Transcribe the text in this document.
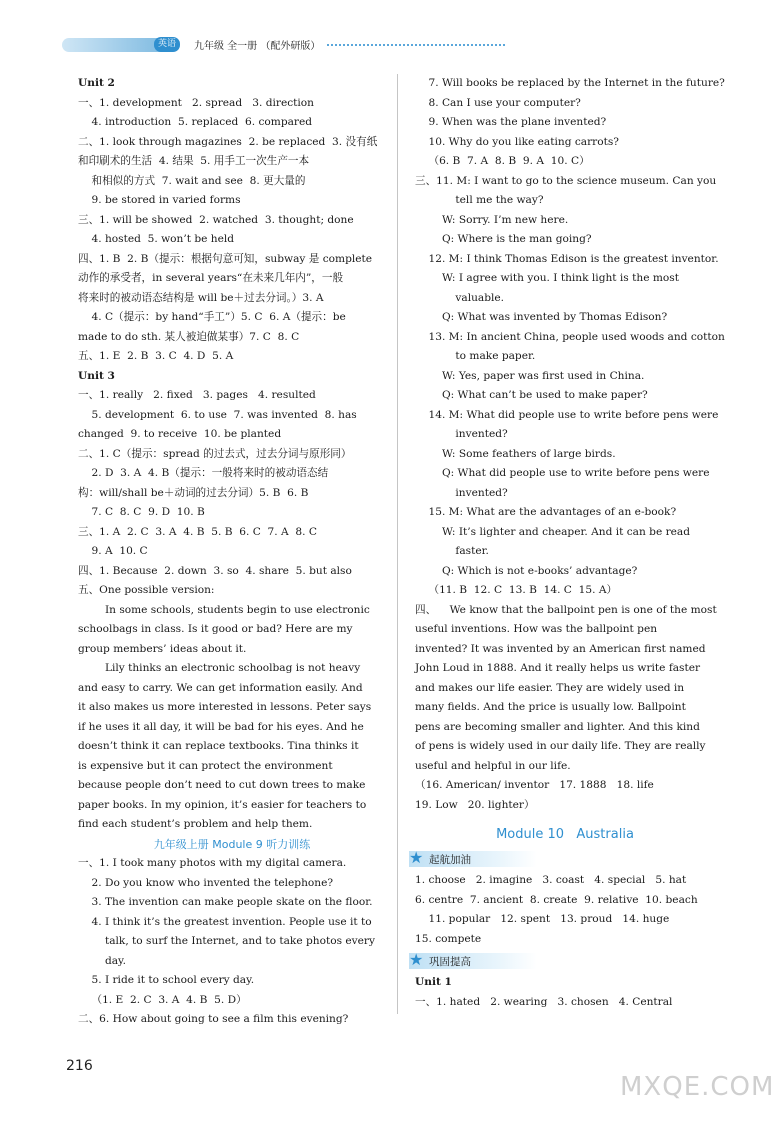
英语	九年级 全一册 （配外研版）
Unit 2
一、1. development   2. spread   3. direction
4. introduction  5. replaced  6. compared
二、1. look through magazines  2. be replaced  3. 没有纸
和印刷术的生活  4. 结果  5. 用手工一次生产一本
和相似的方式  7. wait and see  8. 更大量的
9. be stored in varied forms
三、1. will be showed  2. watched  3. thought; done
4. hosted  5. won’t be held
四、1. B  2. B（提示：根据句意可知，subway 是 complete
动作的承受者，in several years“在未来几年内”，一般
将来时的被动语态结构是 will be＋过去分词。）3. A
4. C（提示：by hand“手工”）5. C  6. A（提示：be
made to do sth. 某人被迫做某事）7. C  8. C
五、1. E  2. B  3. C  4. D  5. A
Unit 3
一、1. really   2. fixed   3. pages   4. resulted
5. development  6. to use  7. was invented  8. has
changed  9. to receive  10. be planted
二、1. C（提示：spread 的过去式，过去分词与原形同）
2. D  3. A  4. B（提示：一般将来时的被动语态结
构：will/shall be＋动词的过去分词）5. B  6. B
7. C  8. C  9. D  10. B
三、1. A  2. C  3. A  4. B  5. B  6. C  7. A  8. C
9. A  10. C
四、1. Because  2. down  3. so  4. share  5. but also
五、One possible version:
In some schools, students begin to use electronic
schoolbags in class. Is it good or bad? Here are my
group members’ ideas about it.
Lily thinks an electronic schoolbag is not heavy
and easy to carry. We can get information easily. And
it also makes us more interested in lessons. Peter says
if he uses it all day, it will be bad for his eyes. And he
doesn’t think it can replace textbooks. Tina thinks it
is expensive but it can protect the environment
because people don’t need to cut down trees to make
paper books. In my opinion, it’s easier for teachers to
find each student’s problem and help them.
九年级上册 Module 9 听力训练
一、1. I took many photos with my digital camera.
2. Do you know who invented the telephone?
3. The invention can make people skate on the floor.
4. I think it’s the greatest invention. People use it to
talk, to surf the Internet, and to take photos every
day.
5. I ride it to school every day.
（1. E  2. C  3. A  4. B  5. D）
二、6. How about going to see a film this evening?
7. Will books be replaced by the Internet in the future?
8. Can I use your computer?
9. When was the plane invented?
10. Why do you like eating carrots?
（6. B  7. A  8. B  9. A  10. C）
三、11. M: I want to go to the science museum. Can you
tell me the way?
W: Sorry. I’m new here.
Q: Where is the man going?
12. M: I think Thomas Edison is the greatest inventor.
W: I agree with you. I think light is the most
valuable.
Q: What was invented by Thomas Edison?
13. M: In ancient China, people used woods and cotton
to make paper.
W: Yes, paper was first used in China.
Q: What can’t be used to make paper?
14. M: What did people use to write before pens were
invented?
W: Some feathers of large birds.
Q: What did people use to write before pens were
invented?
15. M: What are the advantages of an e-book?
W: It’s lighter and cheaper. And it can be read
faster.
Q: Which is not e-books’ advantage?
（11. B  12. C  13. B  14. C  15. A）
四、    We know that the ballpoint pen is one of the most
useful inventions. How was the ballpoint pen
invented? It was invented by an American first named
John Loud in 1888. And it really helps us write faster
and makes our life easier. They are widely used in
many fields. And the price is usually low. Ballpoint
pens are becoming smaller and lighter. And this kind
of pens is widely used in our daily life. They are really
useful and helpful in our life.
（16. American/ inventor   17. 1888   18. life
19. Low   20. lighter）
Module 10   Australia
★ 起航加油
1. choose   2. imagine   3. coast   4. special   5. hat
6. centre  7. ancient  8. create  9. relative  10. beach
11. popular   12. spent   13. proud   14. huge
15. compete
★ 巩固提高
Unit 1
一、1. hated   2. wearing   3. chosen   4. Central
216
MXQE.COM
